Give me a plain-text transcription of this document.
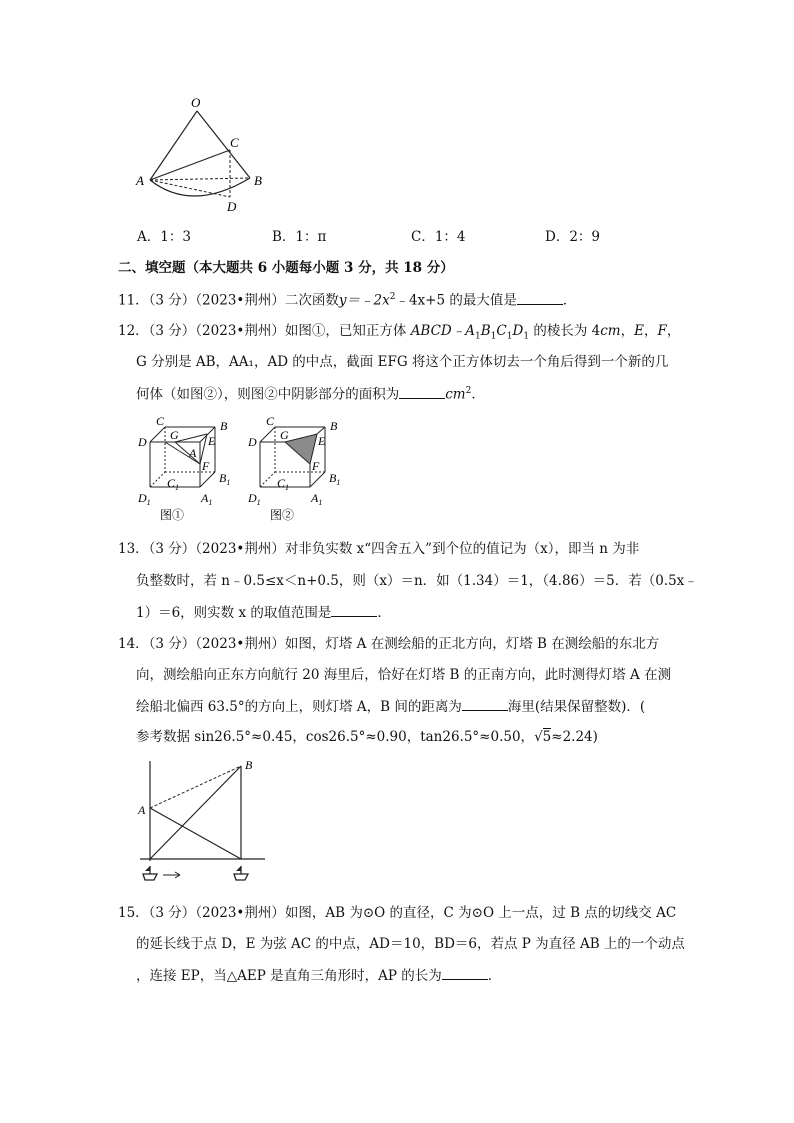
O
C
A	B
D
A．1：3	B．1：π	C．1：4	D．2：9
二、填空题（本大题共 6 小题每小题 3 分，共 18 分）
11．（3 分）（2023•荆州）二次函数$y=﹣2x^2﹣4x+5$ 的最大值是	．
12．（3 分）（2023•荆州）如图①，已知正方体 $ABCD﹣A_1B_1C_1D_1$ 的棱长为 4cm，E，F，
G 分别是 AB，AA₁，AD 的中点，截面 EFG 将这个正方体切去一个角后得到一个新的几
何体（如图②），则图②中阴影部分的面积为	$cm^2$．
C	B
D G E
A
F
$C_1$
$B_1$
$D_1$	$A_1$
图①
C	B
D G E
F
$C_1$
$B_1$
$D_1$	$A_1$
图②
13．（3 分）（2023•荆州）对非负实数 x“四舍五入”到个位的值记为（x），即当 n 为非
负整数时，若 n﹣0.5≤x＜n+0.5，则（x）＝n．如（1.34）＝1，（4.86）＝5．若（0.5x﹣
1）＝6，则实数 x 的取值范围是	．
14．（3 分）（2023•荆州）如图，灯塔 A 在测绘船的正北方向，灯塔 B 在测绘船的东北方
向，测绘船向正东方向航行 20 海里后，恰好在灯塔 B 的正南方向，此时测得灯塔 A 在测
绘船北偏西 63.5°的方向上，则灯塔 A，B 间的距离为	海里(结果保留整数)．(
参考数据 sin26.5°≈0.45，cos26.5°≈0.90，tan26.5°≈0.50，√5≈2.24)
A
B
15．（3 分）（2023•荆州）如图，AB 为⊙O 的直径，C 为⊙O 上一点，过 B 点的切线交 AC
的延长线于点 D，E 为弦 AC 的中点，AD＝10，BD＝6，若点 P 为直径 AB 上的一个动点
，连接 EP，当△AEP 是直角三角形时，AP 的长为	．
